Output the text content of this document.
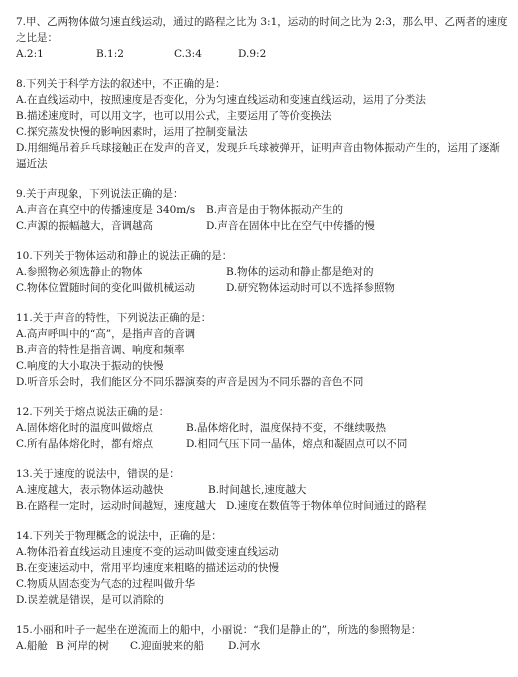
7.甲、乙两物体做匀速直线运动，通过的路程之比为 3:1，运动的时间之比为 2:3，那么甲、乙两者的速度之比是：
A.2:1	B.1:2	C.3:4	D.9:2
8.下列关于科学方法的叙述中，不正确的是：
A.在直线运动中，按照速度是否变化，分为匀速直线运动和变速直线运动，运用了分类法
B.描述速度时，可以用文字，也可以用公式，主要运用了等价变换法
C.探究蒸发快慢的影响因素时，运用了控制变量法
D.用细绳吊着乒乓球接触正在发声的音叉，发现乒乓球被弹开，证明声音由物体振动产生的，运用了逐渐逼近法
9.关于声现象，下列说法正确的是：
A.声音在真空中的传播速度是 340m/s B.声音是由于物体振动产生的
C.声源的振幅越大，音调越高	D.声音在固体中比在空气中传播的慢
10.下列关于物体运动和静止的说法正确的是：
A.参照物必须选静止的物体	B.物体的运动和静止都是绝对的
C.物体位置随时间的变化叫做机械运动	D.研究物体运动时可以不选择参照物
11.关于声音的特性，下列说法正确的是：
A.高声呼叫中的“高”，是指声音的音调
B.声音的特性是指音调、响度和频率
C.响度的大小取决于振动的快慢
D.听音乐会时，我们能区分不同乐器演奏的声音是因为不同乐器的音色不同
12.下列关于熔点说法正确的是：
A.固体熔化时的温度叫做熔点	B.晶体熔化时，温度保持不变，不继续吸热
C.所有晶体熔化时，都有熔点	D.相同气压下同一晶体，熔点和凝固点可以不同
13.关于速度的说法中，错误的是：
A.速度越大，表示物体运动越快	B.时间越长,速度越大
B.在路程一定时，运动时间越短，速度越大 D.速度在数值等于物体单位时间通过的路程
14.下列关于物理概念的说法中，正确的是：
A.物体沿着直线运动且速度不变的运动叫做变速直线运动
B.在变速运动中，常用平均速度来粗略的描述运动的快慢
C.物质从固态变为气态的过程叫做升华
D.误差就是错误，是可以消除的
15.小丽和叶子一起坐在逆流而上的船中，小丽说：“我们是静止的”，所选的参照物是：
A.船舱 B 河岸的树 C.迎面驶来的船 D.河水
